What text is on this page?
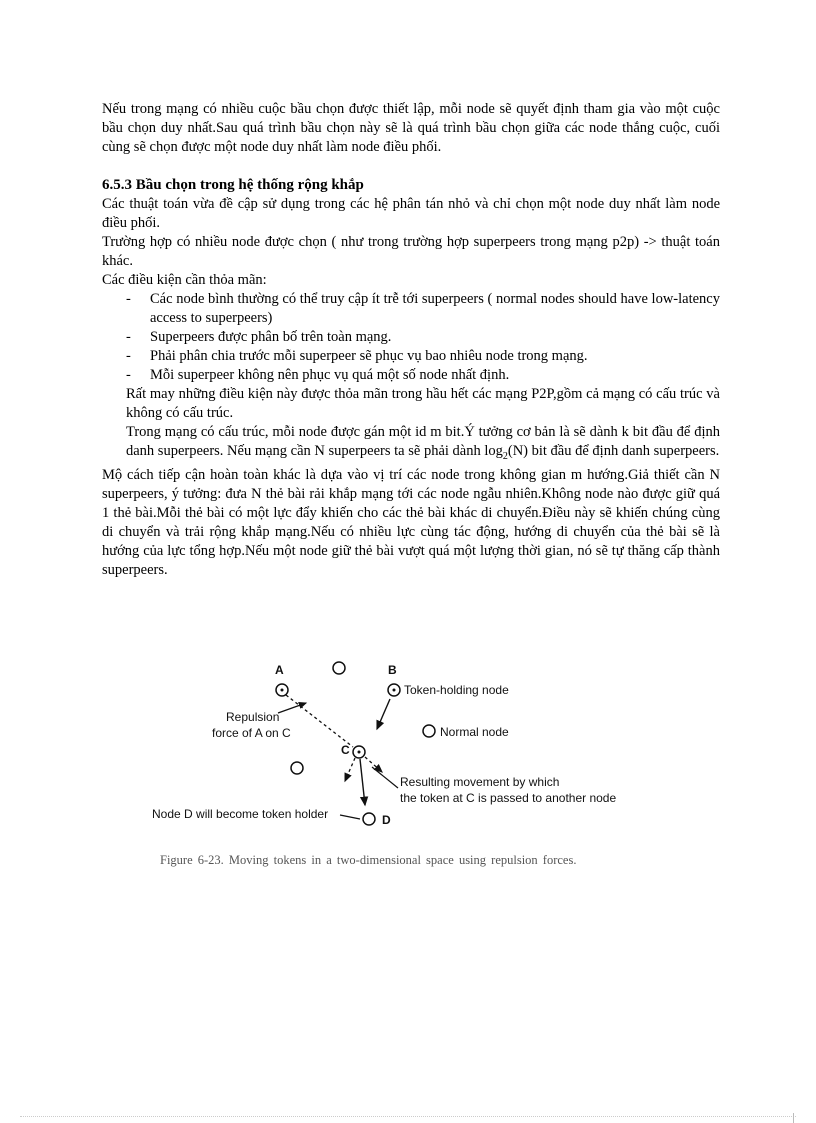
Nếu trong mạng có nhiều cuộc bầu chọn được thiết lập, mỗi node sẽ quyết định tham gia vào một cuộc bầu chọn duy nhất.Sau quá trình bầu chọn này sẽ là quá trình bầu chọn giữa các node thắng cuộc, cuối cùng sẽ chọn được một node duy nhất làm node điều phối.

6.5.3 Bầu chọn trong hệ thống rộng khắp

Các thuật toán vừa đề cập sử dụng trong các hệ phân tán nhỏ và chỉ chọn một node duy nhất làm node điều phối.

Trường hợp có nhiều node được chọn ( như trong trường hợp superpeers trong mạng p2p) -> thuật toán khác.

Các điều kiện cần thỏa mãn:

- Các node bình thường có thể truy cập ít trễ tới superpeers ( normal nodes should have low-latency access to superpeers)
- Superpeers được phân bố trên toàn mạng.
- Phải phân chia trước mỗi superpeer sẽ phục vụ bao nhiêu node trong mạng.
- Mỗi superpeer không nên phục vụ quá một số node nhất định.

Rất may những điều kiện này được thỏa mãn trong hầu hết các mạng P2P,gồm cả mạng có cấu trúc và không có cấu trúc.

Trong mạng có cấu trúc, mỗi node được gán một id m bit.Ý tưởng cơ bản là sẽ dành k bit đầu để định danh superpeers. Nếu mạng cần N superpeers ta sẽ phải dành $\log_2(N)$ bit đầu để định danh superpeers.

Mộ cách tiếp cận hoàn toàn khác là dựa vào vị trí các node trong không gian m hướng.Giả thiết cần N superpeers, ý tưởng: đưa N thẻ bài rải khắp mạng tới các node ngẫu nhiên.Không node nào được giữ quá 1 thẻ bài.Mỗi thẻ bài có một lực đẩy khiến cho các thẻ bài khác di chuyển.Điều này sẽ khiến chúng cùng di chuyển và trải rộng khắp mạng.Nếu có nhiều lực cùng tác động, hướng di chuyển của thẻ bài sẽ là hướng của lực tổng hợp.Nếu một node giữ thẻ bài vượt quá một lượng thời gian, nó sẽ tự thăng cấp thành superpeers.

A	B
C
D
Token-holding node
Normal node
Repulsion
force of A on C
Resulting movement by which
the token at C is passed to another node
Node D will become token holder
Figure 6-23. Moving tokens in a two-dimensional space using repulsion forces.
